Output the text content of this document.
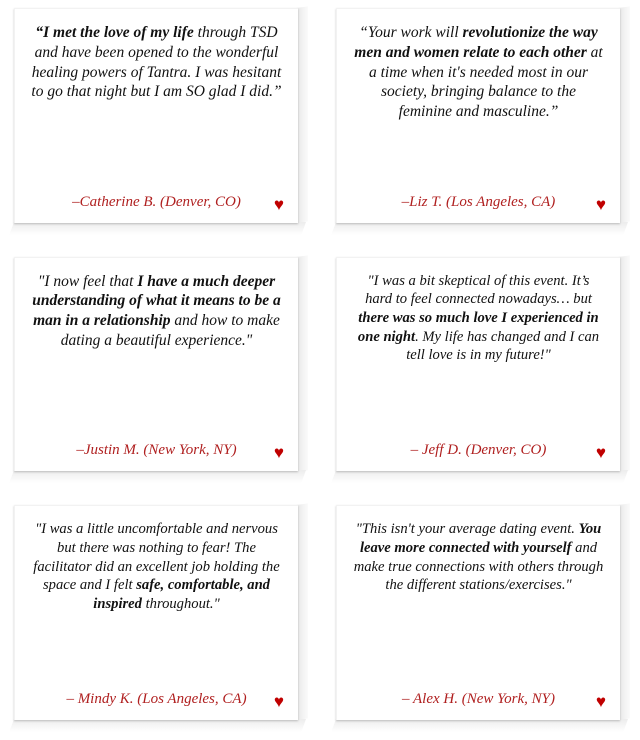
“I met the love of my life through TSD and have been opened to the wonderful healing powers of Tantra. I was hesitant to go that night but I am SO glad I did.”

–Catherine B. (Denver, CO) ♥

“Your work will revolutionize the way men and women relate to each other at a time when it's needed most in our society, bringing balance to the feminine and masculine.”

–Liz T. (Los Angeles, CA) ♥

"I now feel that I have a much deeper understanding of what it means to be a man in a relationship and how to make dating a beautiful experience."

–Justin M. (New York, NY) ♥

"I was a bit skeptical of this event. It’s hard to feel connected nowadays… but there was so much love I experienced in one night. My life has changed and I can tell love is in my future!"

– Jeff D. (Denver, CO)	♥

"I was a little uncomfortable and nervous but there was nothing to fear! The facilitator did an excellent job holding the space and I felt safe, comfortable, and inspired throughout."

– Mindy K. (Los Angeles, CA) ♥

"This isn't your average dating event. You leave more connected with yourself and make true connections with others through the different stations/exercises."

– Alex H. (New York, NY) ♥
